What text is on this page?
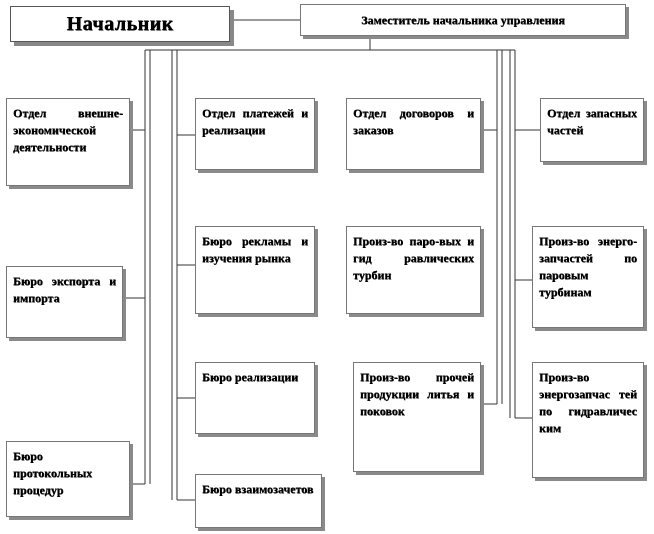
Начальник	Заместитель начальника управления
Отдел внешне-экономической деятельности
Бюро экспорта и импорта
Бюро протокольных процедур
Отдел платежей и реализации
Бюро рекламы и изучения рынка
Бюро реализации
Бюро взаимозачетов
Отдел договоров и заказов
Произ-во паро-вых и гид равлических турбин
Произ-во прочей продукции литья и поковок
Отдел запасных частей
Произ-во энерго-запчастей по паровым турбинам
Произ-во энергозапчас тей по гидравличес ким
